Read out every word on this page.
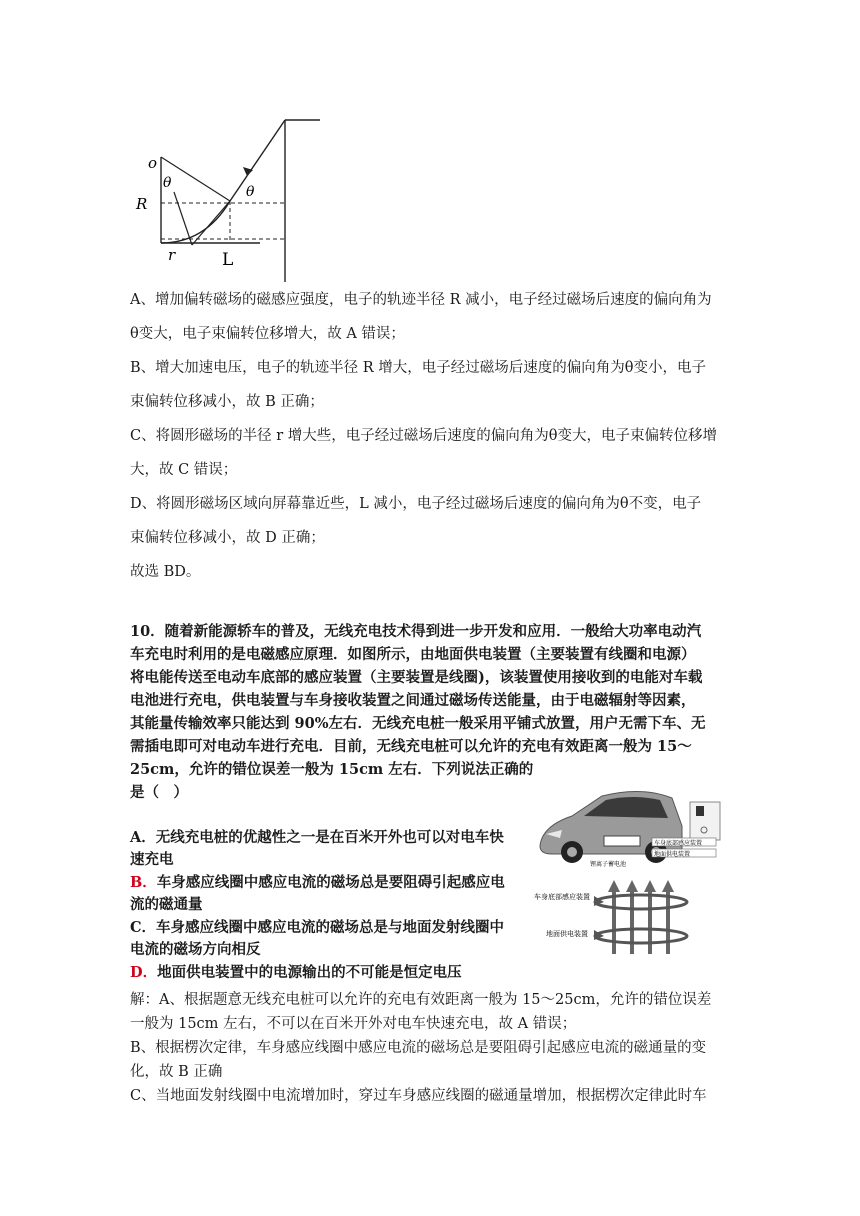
o
θ
θ
R
r	L
A、增加偏转磁场的磁感应强度，电子的轨迹半径 R 减小，电子经过磁场后速度的偏向角为
θ变大，电子束偏转位移增大，故 A 错误；
B、增大加速电压，电子的轨迹半径 R 增大，电子经过磁场后速度的偏向角为θ变小，电子
束偏转位移减小，故 B 正确；
C、将圆形磁场的半径 r 增大些，电子经过磁场后速度的偏向角为θ变大，电子束偏转位移增
大，故 C 错误；
D、将圆形磁场区域向屏幕靠近些，L 减小，电子经过磁场后速度的偏向角为θ不变，电子
束偏转位移减小，故 D 正确；
故选 BD。
10．随着新能源轿车的普及，无线充电技术得到进一步开发和应用．一般给大功率电动汽
车充电时利用的是电磁感应原理．如图所示，由地面供电装置（主要装置有线圈和电源）
将电能传送至电动车底部的感应装置（主要装置是线圈)，该装置使用接收到的电能对车载
电池进行充电，供电装置与车身接收装置之间通过磁场传送能量，由于电磁辐射等因素，
其能量传输效率只能达到 90%左右．无线充电桩一般采用平铺式放置，用户无需下车、无
需插电即可对电动车进行充电．目前，无线充电桩可以允许的充电有效距离一般为 15～
25cm，允许的错位误差一般为 15cm 左右．下列说法正确的
是（　）
A．无线充电桩的优越性之一是在百米开外也可以对电车快
速充电
B．车身感应线圈中感应电流的磁场总是要阻碍引起感应电
流的磁通量
C．车身感应线圈中感应电流的磁场总是与地面发射线圈中
电流的磁场方向相反
D．地面供电装置中的电源输出的不可能是恒定电压
车身底部感应装置
地面供电装置
锂离子蓄电池
车身底部感应装置
地面供电装置
解：A、根据题意无线充电桩可以允许的充电有效距离一般为 15～25cm，允许的错位误差
一般为 15cm 左右，不可以在百米开外对电车快速充电，故 A 错误；
B、根据楞次定律，车身感应线圈中感应电流的磁场总是要阻碍引起感应电流的磁通量的变
化，故 B 正确
C、当地面发射线圈中电流增加时，穿过车身感应线圈的磁通量增加，根据楞次定律此时车
